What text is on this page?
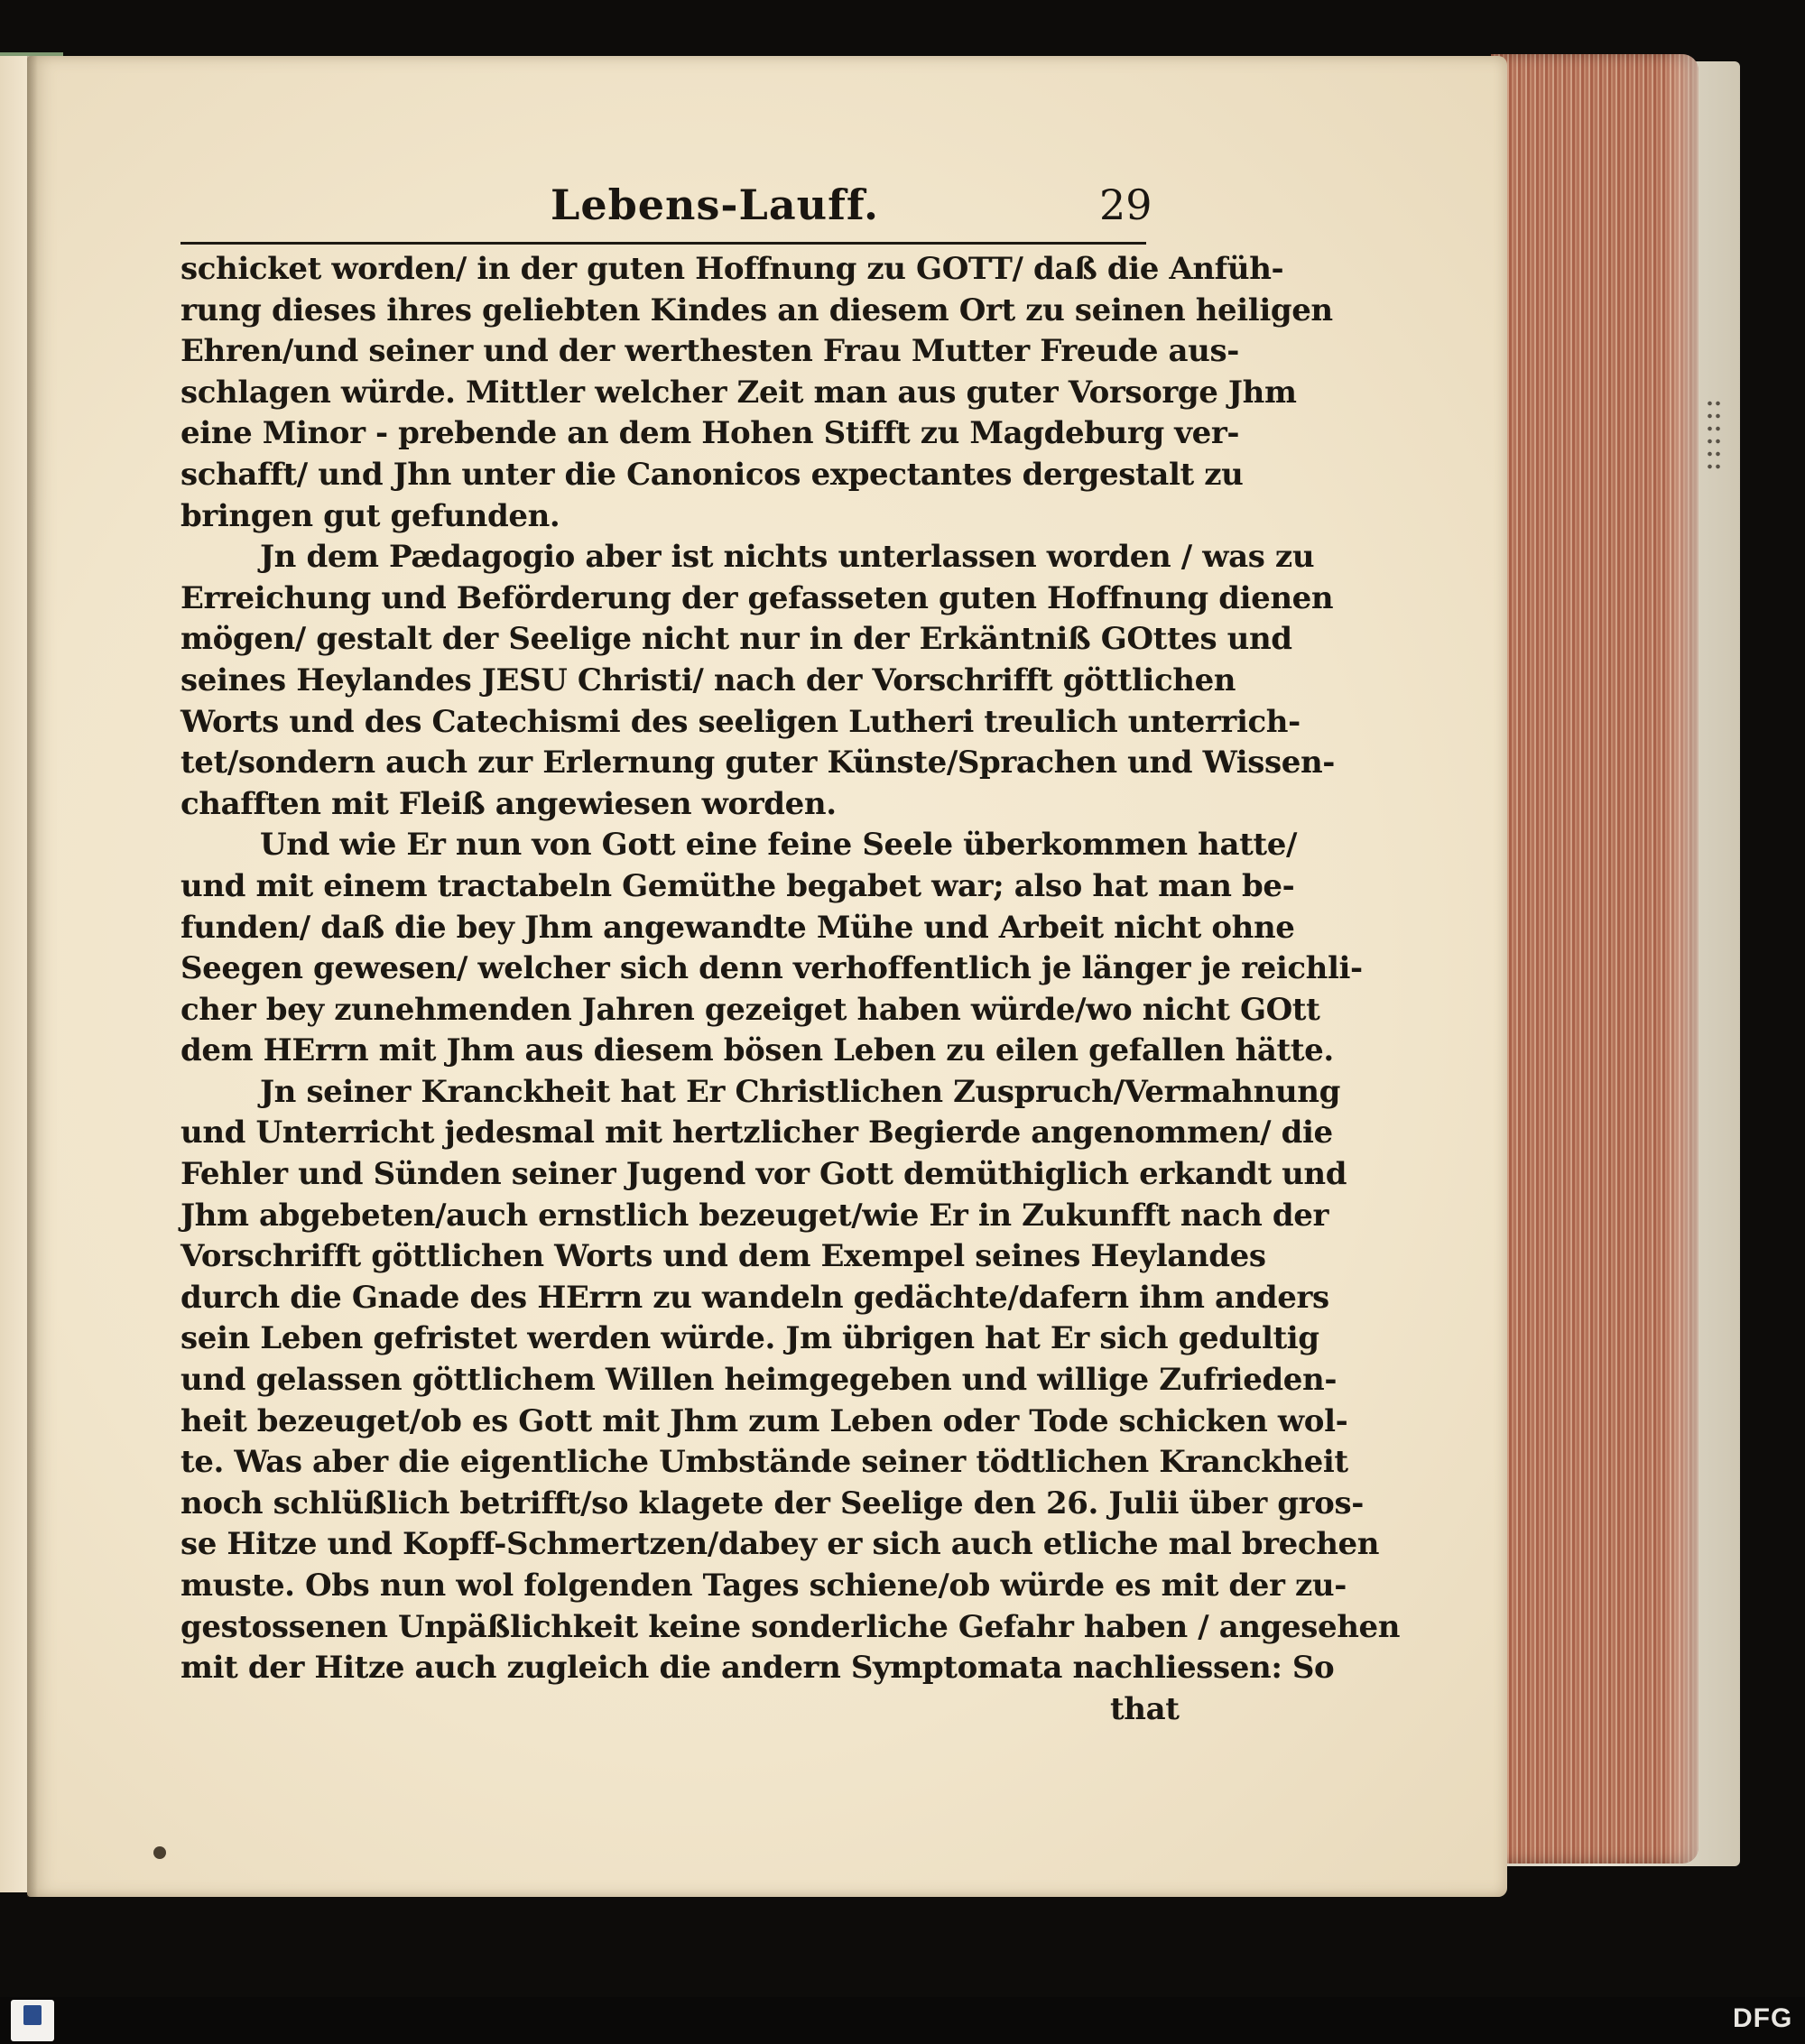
Lebens-Lauff.	29
schicket worden/ in der guten Hoffnung zu GOTT/ daß die Anfüh-
rung dieses ihres geliebten Kindes an diesem Ort zu seinen heiligen
Ehren/und seiner und der werthesten Frau Mutter Freude aus-
schlagen würde. Mittler welcher Zeit man aus guter Vorsorge Jhm
eine Minor - prebende an dem Hohen Stifft zu Magdeburg ver-
schafft/ und Jhn unter die Canonicos expectantes dergestalt zu
bringen gut gefunden.
Jn dem Pædagogio aber ist nichts unterlassen worden / was zu
Erreichung und Beförderung der gefasseten guten Hoffnung dienen
mögen/ gestalt der Seelige nicht nur in der Erkäntniß GOttes und
seines Heylandes JESU Christi/ nach der Vorschrifft göttlichen
Worts und des Catechismi des seeligen Lutheri treulich unterrich-
tet/sondern auch zur Erlernung guter Künste/Sprachen und Wissen-
chafften mit Fleiß angewiesen worden.
Und wie Er nun von Gott eine feine Seele überkommen hatte/
und mit einem tractabeln Gemüthe begabet war; also hat man be-
funden/ daß die bey Jhm angewandte Mühe und Arbeit nicht ohne
Seegen gewesen/ welcher sich denn verhoffentlich je länger je reichli-
cher bey zunehmenden Jahren gezeiget haben würde/wo nicht GOtt
dem HErrn mit Jhm aus diesem bösen Leben zu eilen gefallen hätte.
Jn seiner Kranckheit hat Er Christlichen Zuspruch/Vermahnung
und Unterricht jedesmal mit hertzlicher Begierde angenommen/ die
Fehler und Sünden seiner Jugend vor Gott demüthiglich erkandt und
Jhm abgebeten/auch ernstlich bezeuget/wie Er in Zukunfft nach der
Vorschrifft göttlichen Worts und dem Exempel seines Heylandes
durch die Gnade des HErrn zu wandeln gedächte/dafern ihm anders
sein Leben gefristet werden würde. Jm übrigen hat Er sich gedultig
und gelassen göttlichem Willen heimgegeben und willige Zufrieden-
heit bezeuget/ob es Gott mit Jhm zum Leben oder Tode schicken wol-
te. Was aber die eigentliche Umbstände seiner tödtlichen Kranckheit
noch schlüßlich betrifft/so klagete der Seelige den 26. Julii über gros-
se Hitze und Kopff-Schmertzen/dabey er sich auch etliche mal brechen
muste. Obs nun wol folgenden Tages schiene/ob würde es mit der zu-
gestossenen Unpäßlichkeit keine sonderliche Gefahr haben / angesehen
mit der Hitze auch zugleich die andern Symptomata nachliessen: So
that
DFG
